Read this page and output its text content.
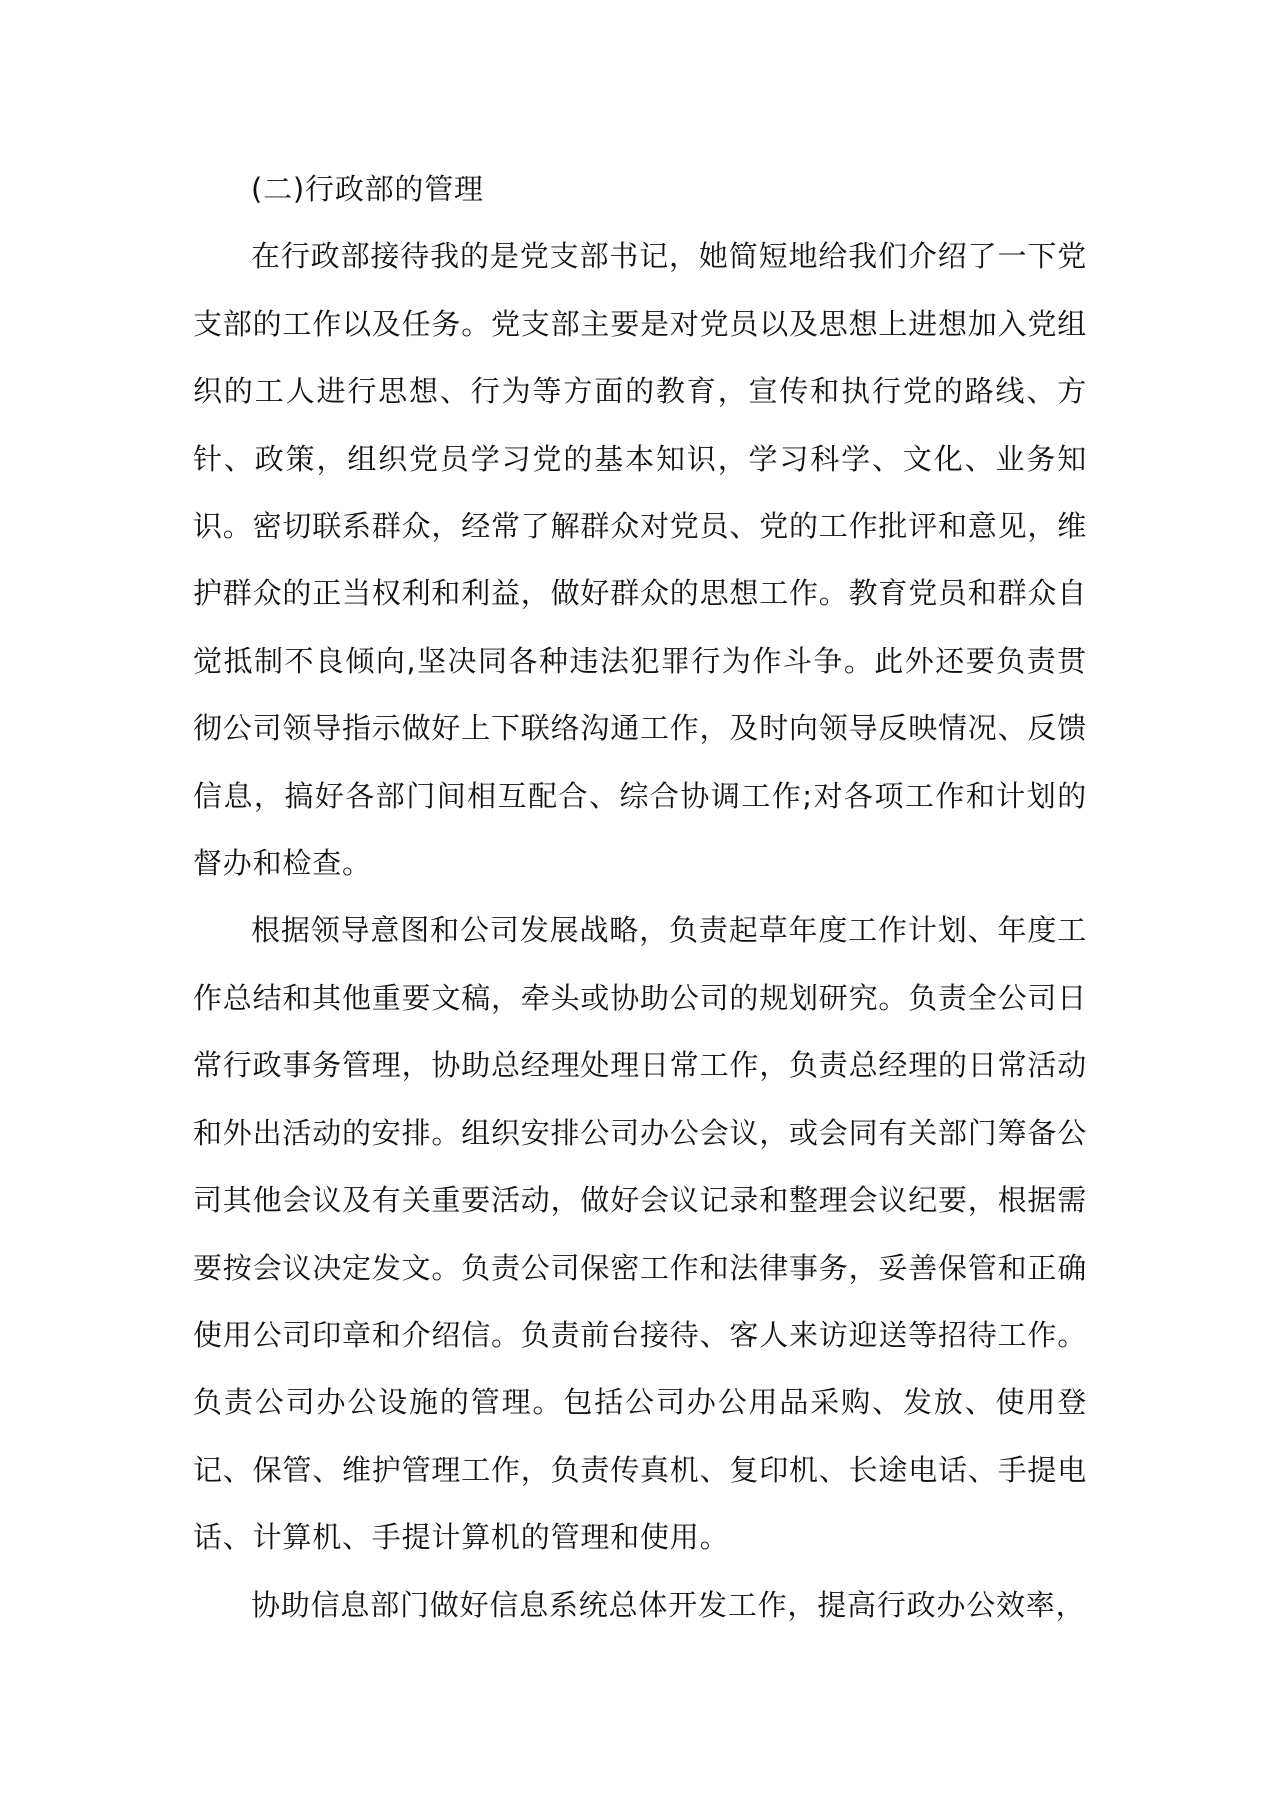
(二)行政部的管理

在行政部接待我的是党支部书记，她简短地给我们介绍了一下党支部的工作以及任务。党支部主要是对党员以及思想上进想加入党组织的工人进行思想、行为等方面的教育，宣传和执行党的路线、方针、政策，组织党员学习党的基本知识，学习科学、文化、业务知识。密切联系群众，经常了解群众对党员、党的工作批评和意见，维护群众的正当权利和利益，做好群众的思想工作。教育党员和群众自觉抵制不良倾向,坚决同各种违法犯罪行为作斗争。此外还要负责贯彻公司领导指示做好上下联络沟通工作，及时向领导反映情况、反馈信息，搞好各部门间相互配合、综合协调工作;对各项工作和计划的督办和检查。

根据领导意图和公司发展战略，负责起草年度工作计划、年度工作总结和其他重要文稿，牵头或协助公司的规划研究。负责全公司日常行政事务管理，协助总经理处理日常工作，负责总经理的日常活动和外出活动的安排。组织安排公司办公会议，或会同有关部门筹备公司其他会议及有关重要活动，做好会议记录和整理会议纪要，根据需要按会议决定发文。负责公司保密工作和法律事务，妥善保管和正确使用公司印章和介绍信。负责前台接待、客人来访迎送等招待工作。负责公司办公设施的管理。包括公司办公用品采购、发放、使用登记、保管、维护管理工作，负责传真机、复印机、长途电话、手提电话、计算机、手提计算机的管理和使用。

协助信息部门做好信息系统总体开发工作，提高行政办公效率，
